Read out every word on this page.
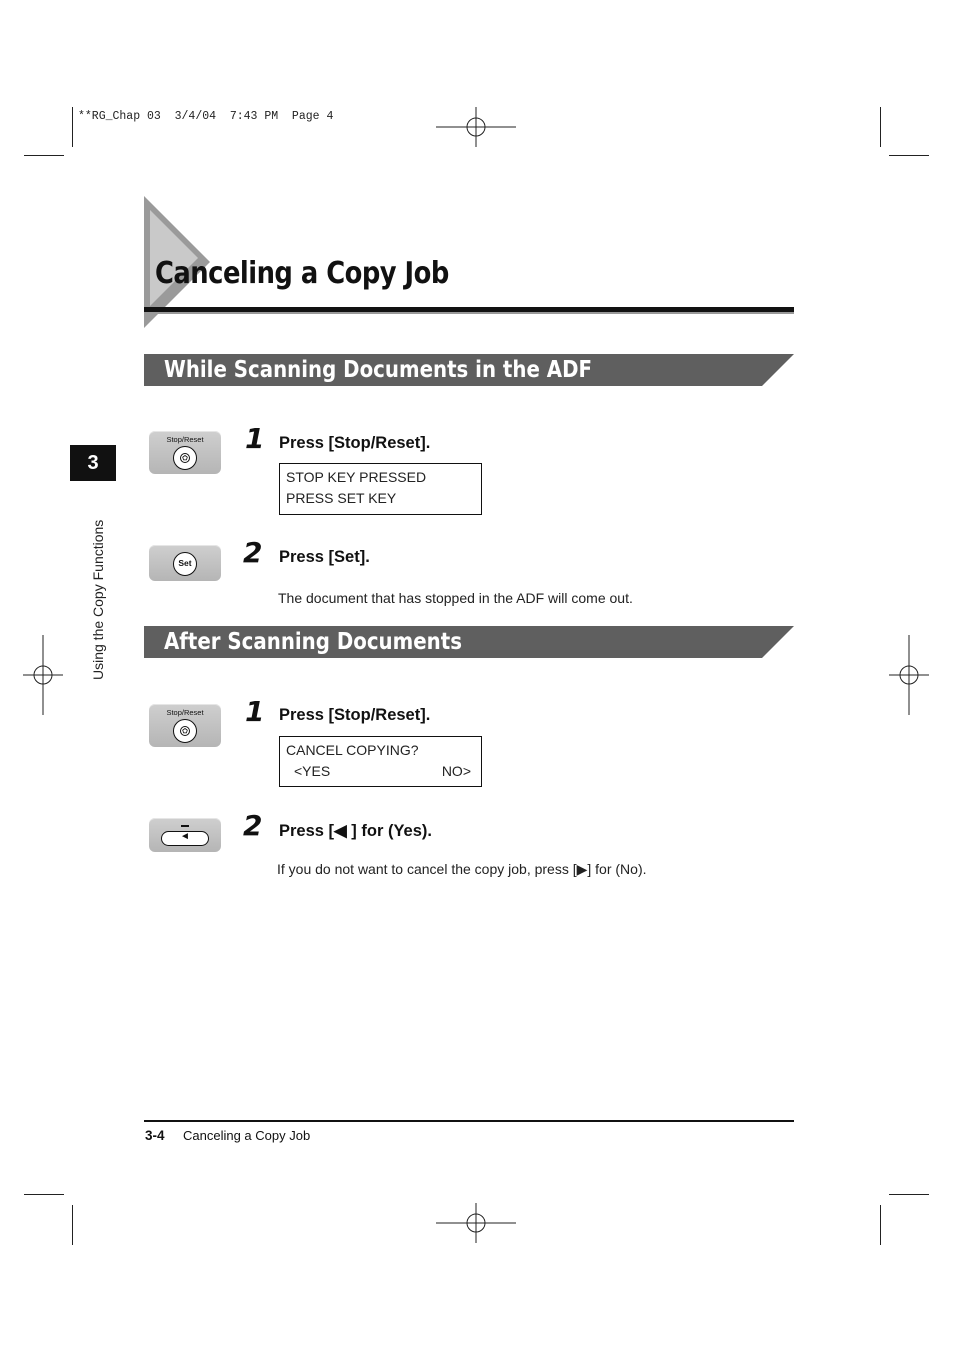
**RG_Chap 03  3/4/04  7:43 PM  Page 4
3
Using the Copy Functions
Canceling a Copy Job
While Scanning Documents in the ADF
Stop/Reset	1 Press [Stop/Reset].
STOP KEY PRESSED
PRESS SET KEY
Set 2 Press [Set].
The document that has stopped in the ADF will come out.
After Scanning Documents
Stop/Reset	1 Press [Stop/Reset].
CANCEL COPYING?
<YES	NO>
◄	2 Press [◀ ] for (Yes).
If you do not want to cancel the copy job, press [▶] for (No).
3-4 Canceling a Copy Job
